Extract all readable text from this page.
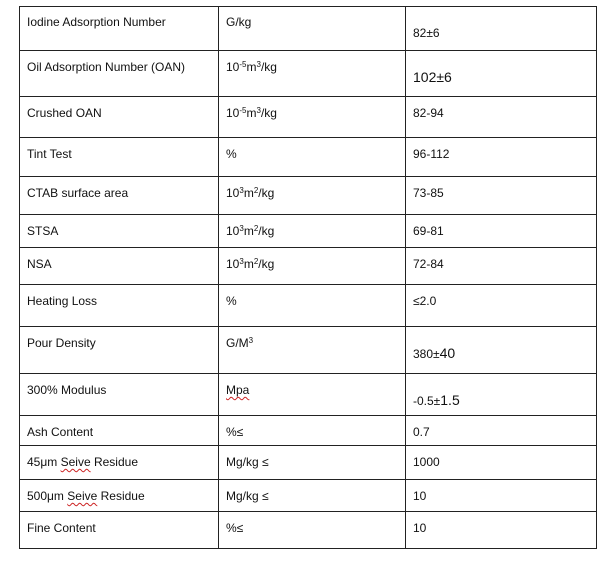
Iodine Adsorption Number	G/kg	82±6

Oil Adsorption Number (OAN)	$10^{-5}m^3/kg$	102±6

Crushed OAN	$10^{-5}m^3/kg$	82-94

Tint Test	%	96-112

CTAB surface area	$10^3m^2/kg$	73-85

STSA	$10^3m^2/kg$	69-81

NSA	$10^3m^2/kg$	72-84

Heating Loss	%	≤2.0

Pour Density	$G/M^3$	380±40

300% Modulus	Mpa	-0.5±1.5

Ash Content	%≤	0.7

45μm Seive Residue	Mg/kg ≤	1000

500μm Seive Residue	Mg/kg ≤	10

Fine Content	%≤	10
